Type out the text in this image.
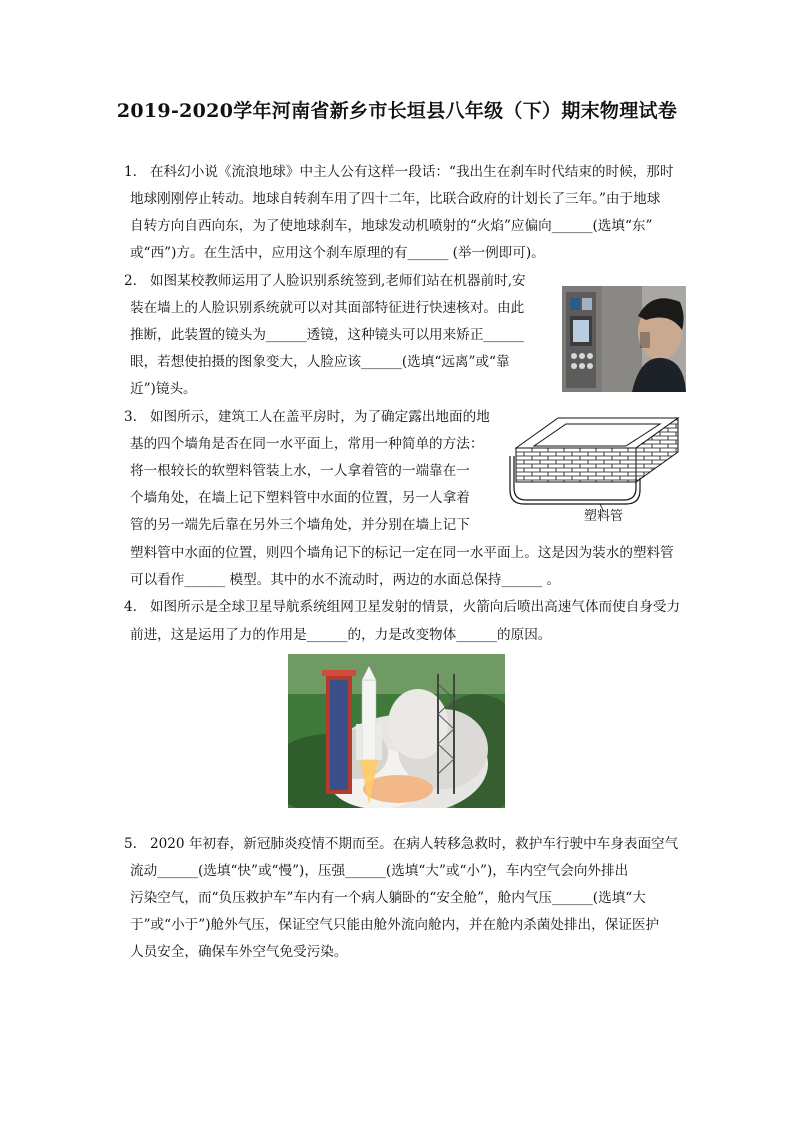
2019-2020学年河南省新乡市长垣县八年级（下）期末物理试卷
1. 在科幻小说《流浪地球》中主人公有这样一段话：“我出生在刹车时代结束的时候，那时
地球刚刚停止转动。地球自转刹车用了四十二年，比联合政府的计划长了三年。”由于地球
自转方向自西向东，为了使地球刹车，地球发动机喷射的“火焰”应偏向______(选填“东”
或“西”)方。在生活中，应用这个刹车原理的有______ (举一例即可)。
2. 如图某校教师运用了人脸识别系统签到,老师们站在机器前时,安
装在墙上的人脸识别系统就可以对其面部特征进行快速核对。由此
推断，此装置的镜头为______透镜，这种镜头可以用来矫正______
眼，若想使拍摄的图象变大，人脸应该______(选填“远离”或“靠
近”)镜头。
3. 如图所示，建筑工人在盖平房时，为了确定露出地面的地
基的四个墙角是否在同一水平面上，常用一种简单的方法：
将一根较长的软塑料管装上水，一人拿着管的一端靠在一
个墙角处，在墙上记下塑料管中水面的位置，另一人拿着
管的另一端先后靠在另外三个墙角处，并分别在墙上记下
塑料管中水面的位置，则四个墙角记下的标记一定在同一水平面上。这是因为装水的塑料管
可以看作______ 模型。其中的水不流动时，两边的水面总保持______ 。
塑料管
4. 如图所示是全球卫星导航系统组网卫星发射的情景，火箭向后喷出高速气体而使自身受力
前进，这是运用了力的作用是______的，力是改变物体______的原因。
5. 2020 年初春，新冠肺炎疫情不期而至。在病人转移急救时，救护车行驶中车身表面空气
流动______(选填“快”或“慢”)，压强______(选填“大”或“小”)，车内空气会向外排出
污染空气，而“负压救护车”车内有一个病人躺卧的“安全舱”，舱内气压______(选填“大
于”或“小于”)舱外气压，保证空气只能由舱外流向舱内，并在舱内杀菌处排出，保证医护
人员安全，确保车外空气免受污染。
